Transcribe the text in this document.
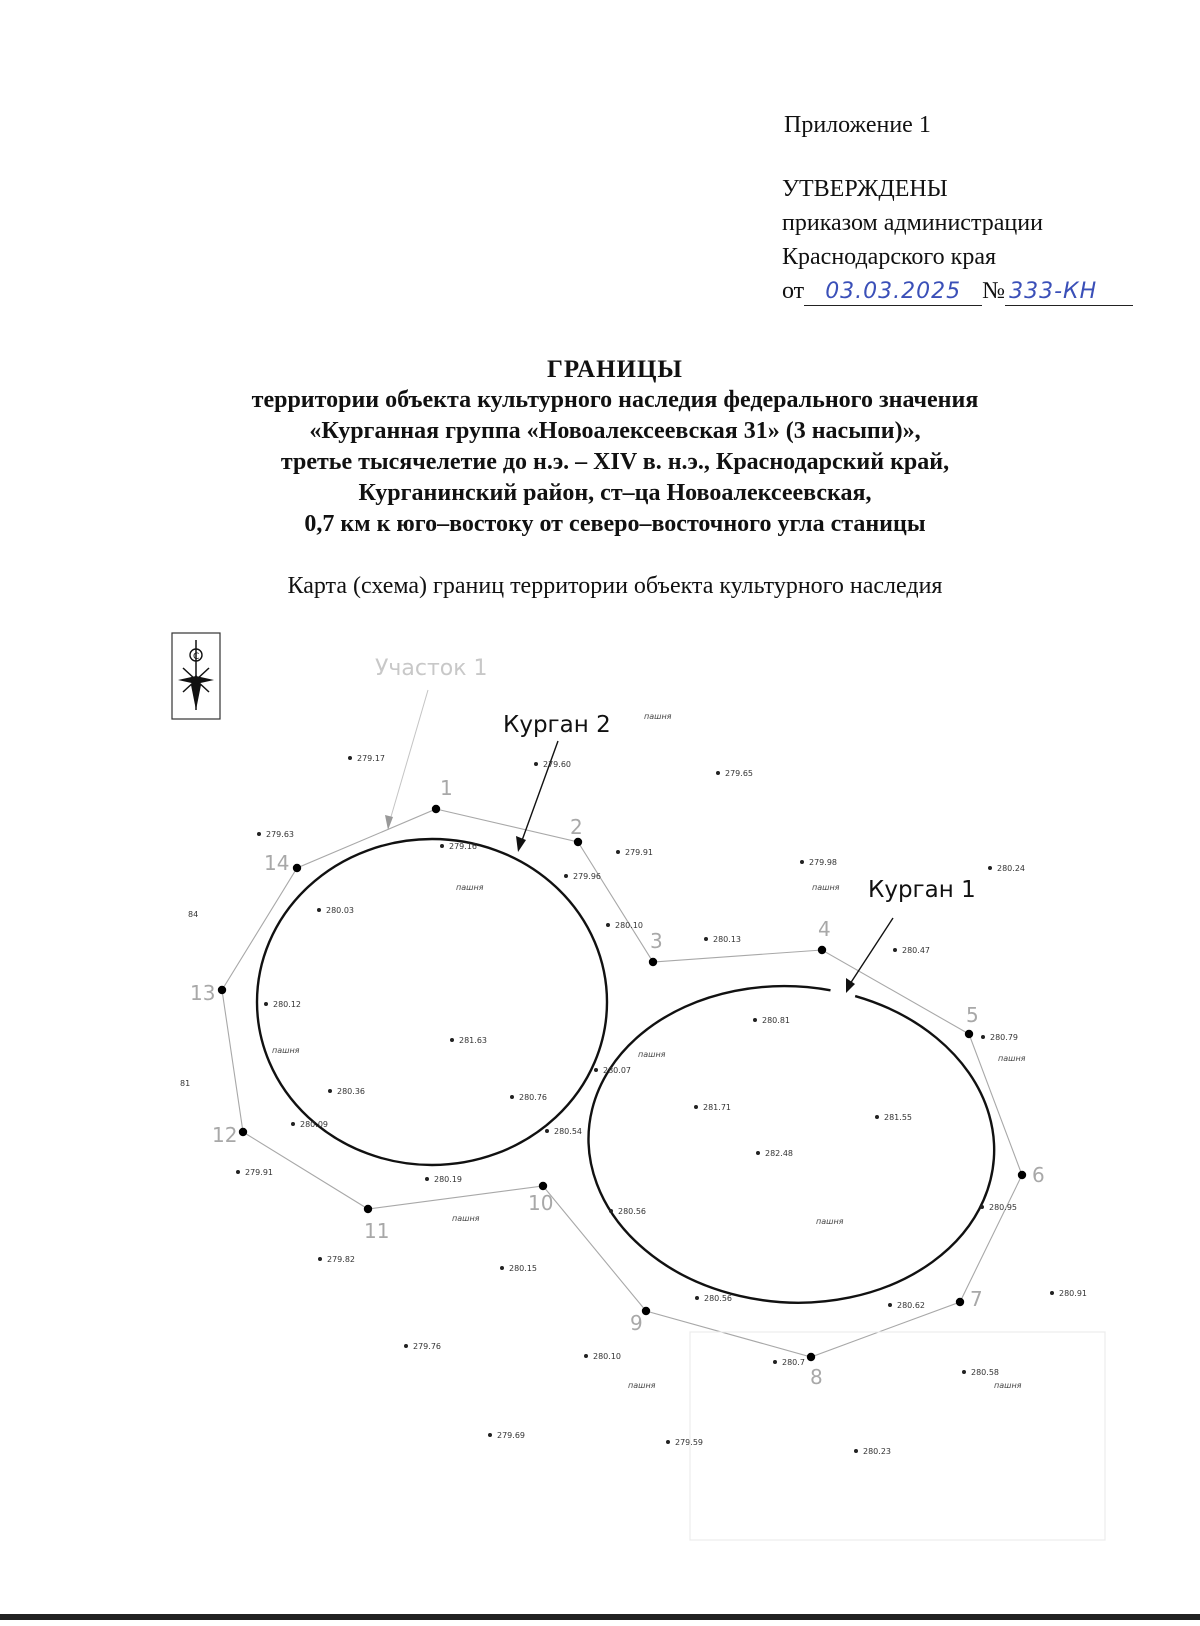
Приложение 1
УТВЕРЖДЕНЫ
приказом администрации
Краснодарского края
от 03.03.2025 № 333-КН
ГРАНИЦЫ
территории объекта культурного наследия федерального значения
«Курганная группа «Новоалексеевская 31» (3 насыпи)»,
третье тысячелетие до н.э. – XIV в. н.э., Краснодарский край,
Курганинский район, ст–ца Новоалексеевская,
0,7 км к юго–востоку от северо–восточного угла станицы
Карта (схема) границ территории объекта культурного наследия
С	Участок 1
Курган 2
Курган 1
1
2
3	4
5
6
7
8
9
10
11
12
13
14
279.17
279.60
279.65
279.63
279.16
279.91
279.96
279.98
280.24
280.03
280.10
280.13
280.47
280.12
281.63
280.81
280.79
280.07
280.36
280.76
281.71
281.55
280.09
280.54
282.48
279.91
280.19
280.56	280.95
279.82
280.15
280.56
280.62
280.91
279.76
280.10
280.7
280.58
279.69
279.59
280.23
пашня
пашня	пашня
пашня	пашня	пашня
пашня	пашня
пашня	пашня
84
81
